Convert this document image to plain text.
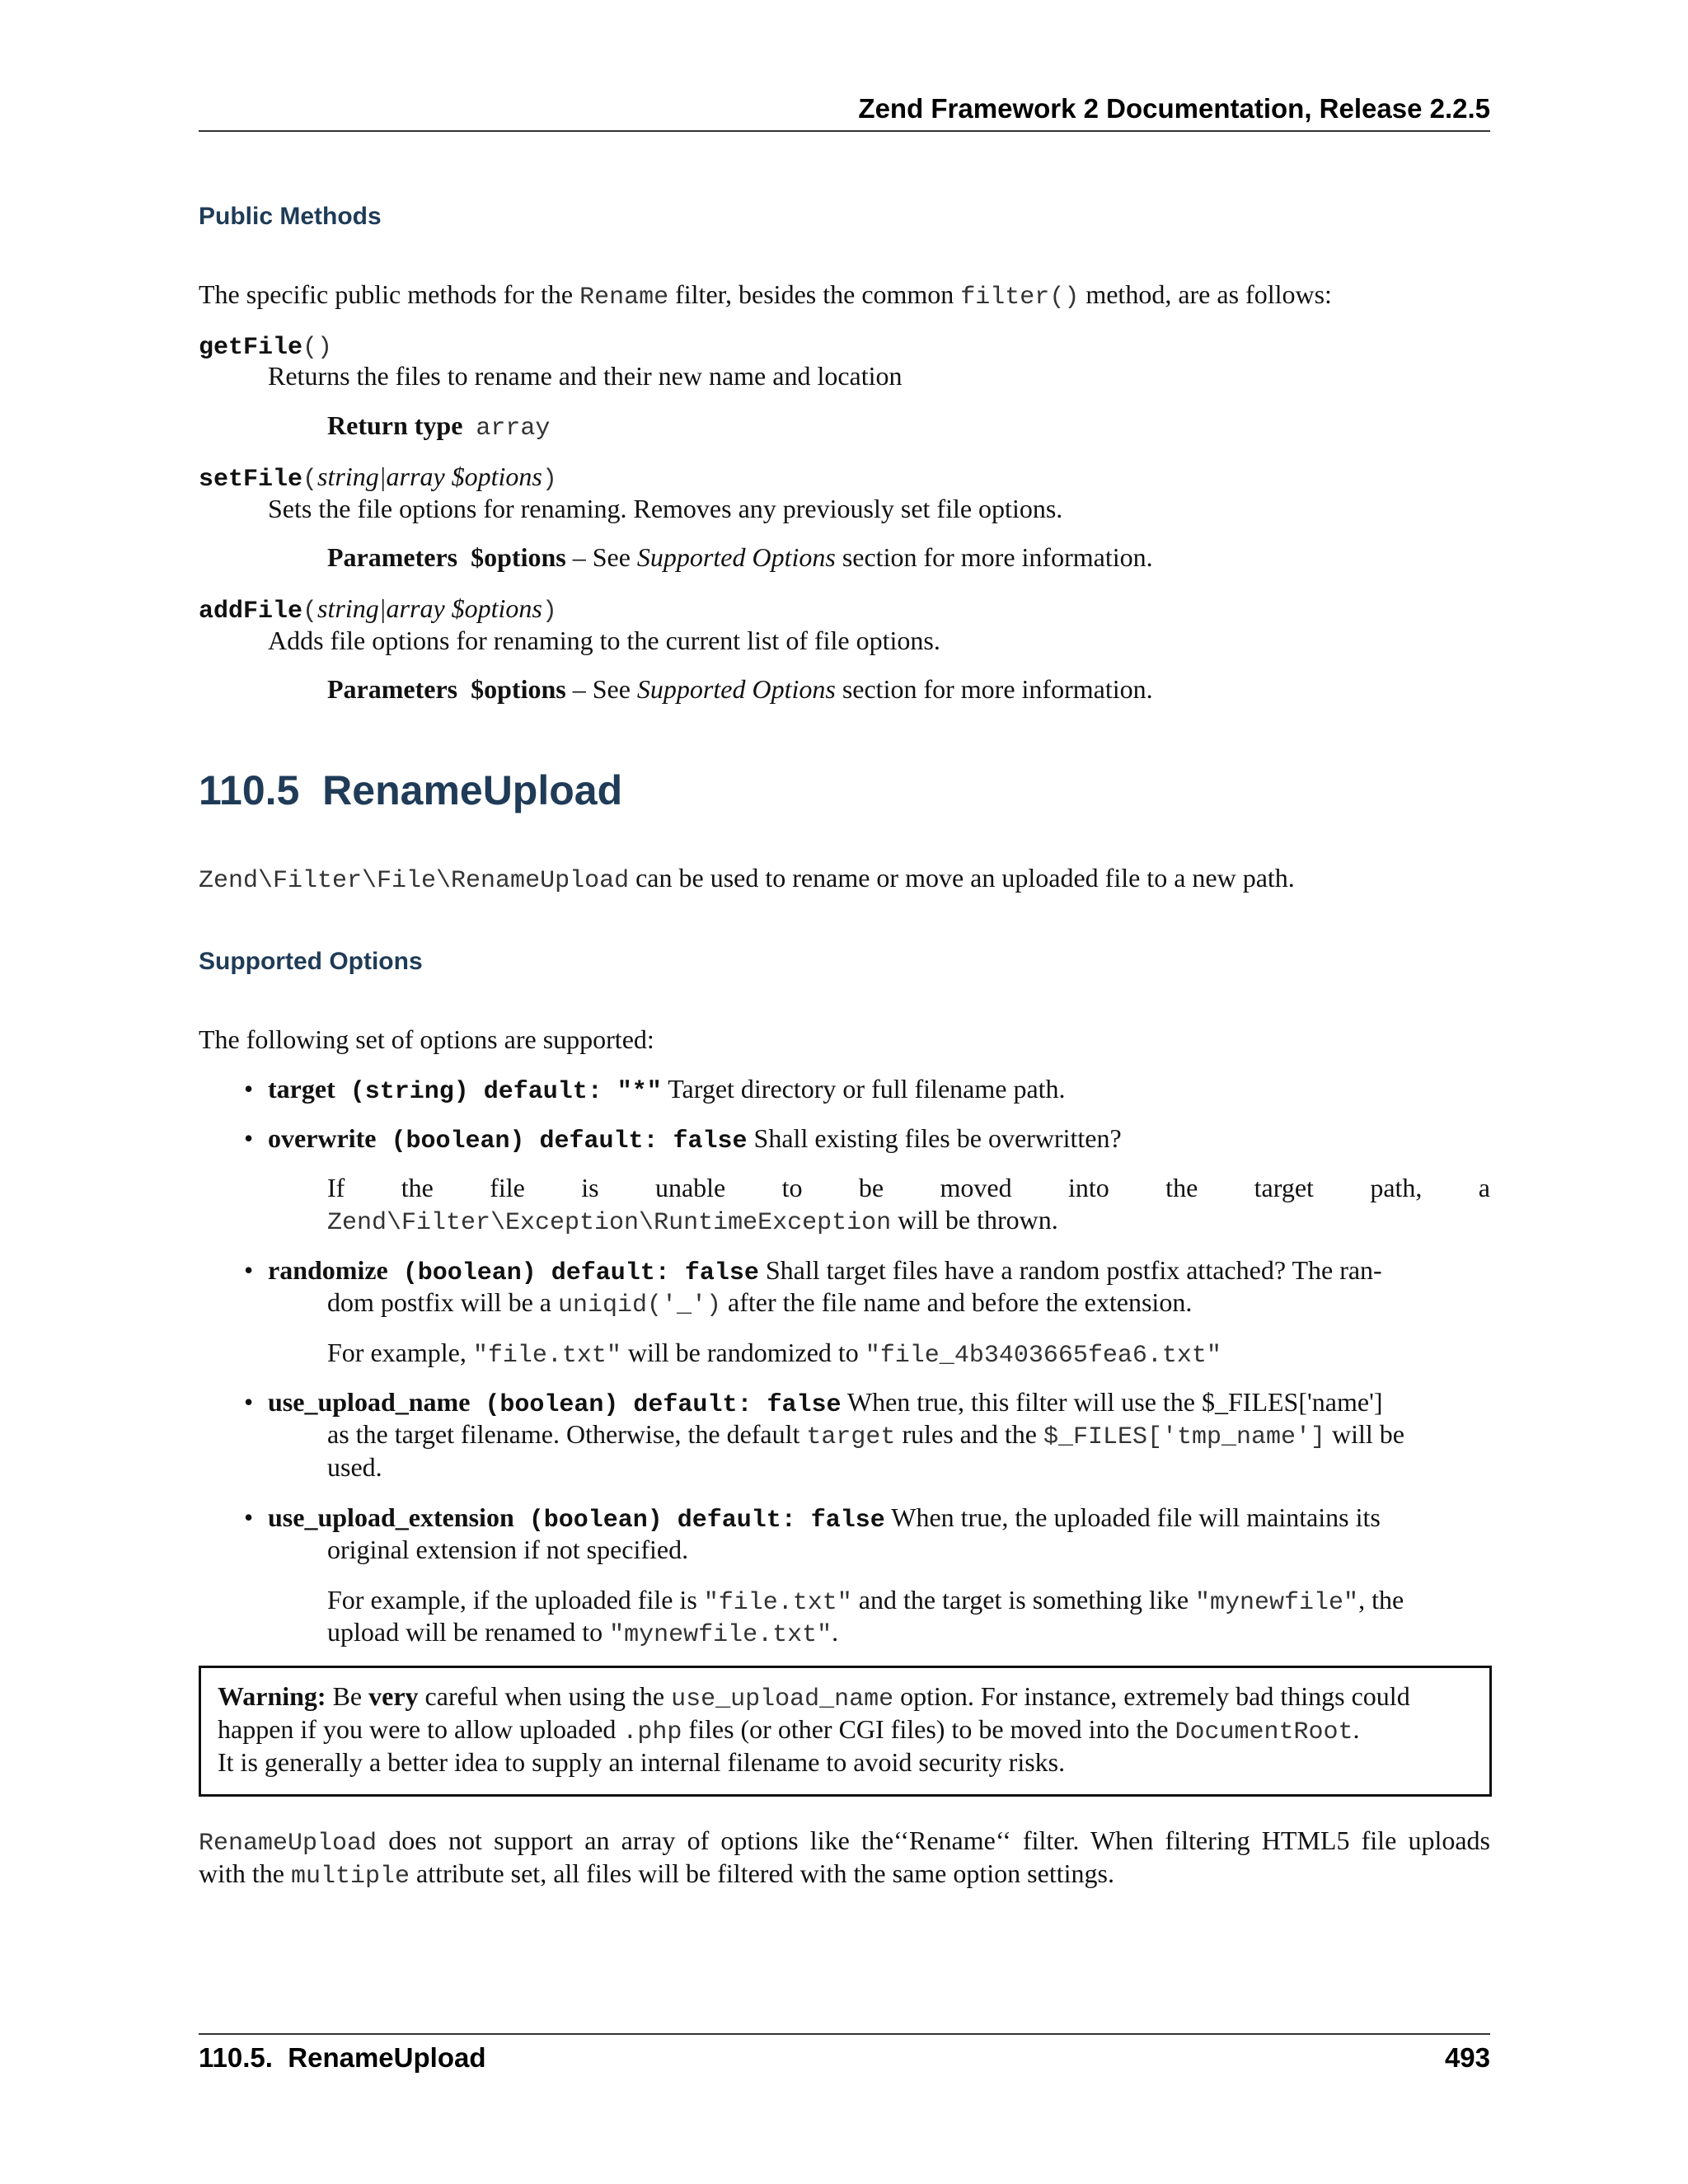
Zend Framework 2 Documentation, Release 2.2.5
Public Methods
The specific public methods for the Rename filter, besides the common filter() method, are as follows:
getFile()
Returns the files to rename and their new name and location
Return type array
setFile(string|array $options)
Sets the file options for renaming. Removes any previously set file options.
Parameters $options – See Supported Options section for more information.
addFile(string|array $options)
Adds file options for renaming to the current list of file options.
Parameters $options – See Supported Options section for more information.
110.5 RenameUpload
Zend\Filter\File\RenameUpload can be used to rename or move an uploaded file to a new path.
Supported Options
The following set of options are supported:
• target (string) default: "*" Target directory or full filename path.
• overwrite (boolean) default: false Shall existing files be overwritten?
If the file is unable to be moved into the target path, a
Zend\Filter\Exception\RuntimeException will be thrown.
• randomize (boolean) default: false Shall target files have a random postfix attached? The ran-
dom postfix will be a uniqid('_') after the file name and before the extension.
For example, "file.txt" will be randomized to "file_4b3403665fea6.txt"
• use_upload_name (boolean) default: false When true, this filter will use the $_FILES['name']
as the target filename. Otherwise, the default target rules and the $_FILES['tmp_name'] will be
used.
• use_upload_extension (boolean) default: false When true, the uploaded file will maintains its
original extension if not specified.
For example, if the uploaded file is "file.txt" and the target is something like "mynewfile", the
upload will be renamed to "mynewfile.txt".
Warning: Be very careful when using the use_upload_name option. For instance, extremely bad things could
happen if you were to allow uploaded .php files (or other CGI files) to be moved into the DocumentRoot.
It is generally a better idea to supply an internal filename to avoid security risks.
RenameUpload does not support an array of options like the‘‘Rename‘‘ filter. When filtering HTML5 file uploads
with the multiple attribute set, all files will be filtered with the same option settings.
110.5.  RenameUpload	493
